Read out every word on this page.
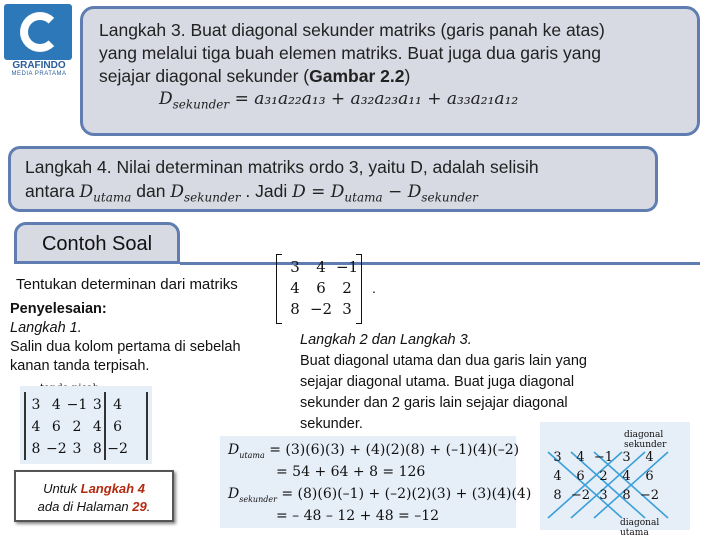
GRAFINDO
MEDIA PRATAMA
Langkah 3. Buat diagonal sekunder matriks (garis panah ke atas)
yang melalui tiga buah elemen matriks. Buat juga dua garis yang
sejajar diagonal sekunder (Gambar 2.2)
$D_{sekunder} = a_{31}a_{22}a_{13} + a_{32}a_{23}a_{11} + a_{33}a_{21}a_{12}$
Langkah 4. Nilai determinan matriks ordo 3, yaitu D, adalah selisih
antara $D_{utama}$ dan $D_{sekunder}$ . Jadi $D = D_{utama} - D_{sekunder}$
Contoh Soal
Tentukan determinan dari matriks
3	4	−1
4	6	2
8	−2	3
.
Penyelesaian:
Langkah 1.
Salin dua kolom pertama di sebelah
kanan tanda terpisah.
3	4	−1	3	4
4	6	2	4	6
8	−2	3	8	−2
Untuk Langkah 4
ada di Halaman 29.
Langkah 2 dan Langkah 3.
Buat diagonal utama dan dua garis lain yang
sejajar diagonal utama. Buat juga diagonal
sekunder dan 2 garis lain sejajar diagonal
sekunder.
$D_{utama} = (3)(6)(3) + (4)(2)(8) + (-1)(4)(-2)$
= 54 + 64 + 8 = 126
$D_{sekunder} = (8)(6)(-1) + (-2)(2)(3) + (3)(4)(4)$
= – 48 – 12 + 48 = –12
diagonal sekunder
3	4	−1	3	4
4	6	2	4	6
8	−2	3	8	−2
diagonal utama
